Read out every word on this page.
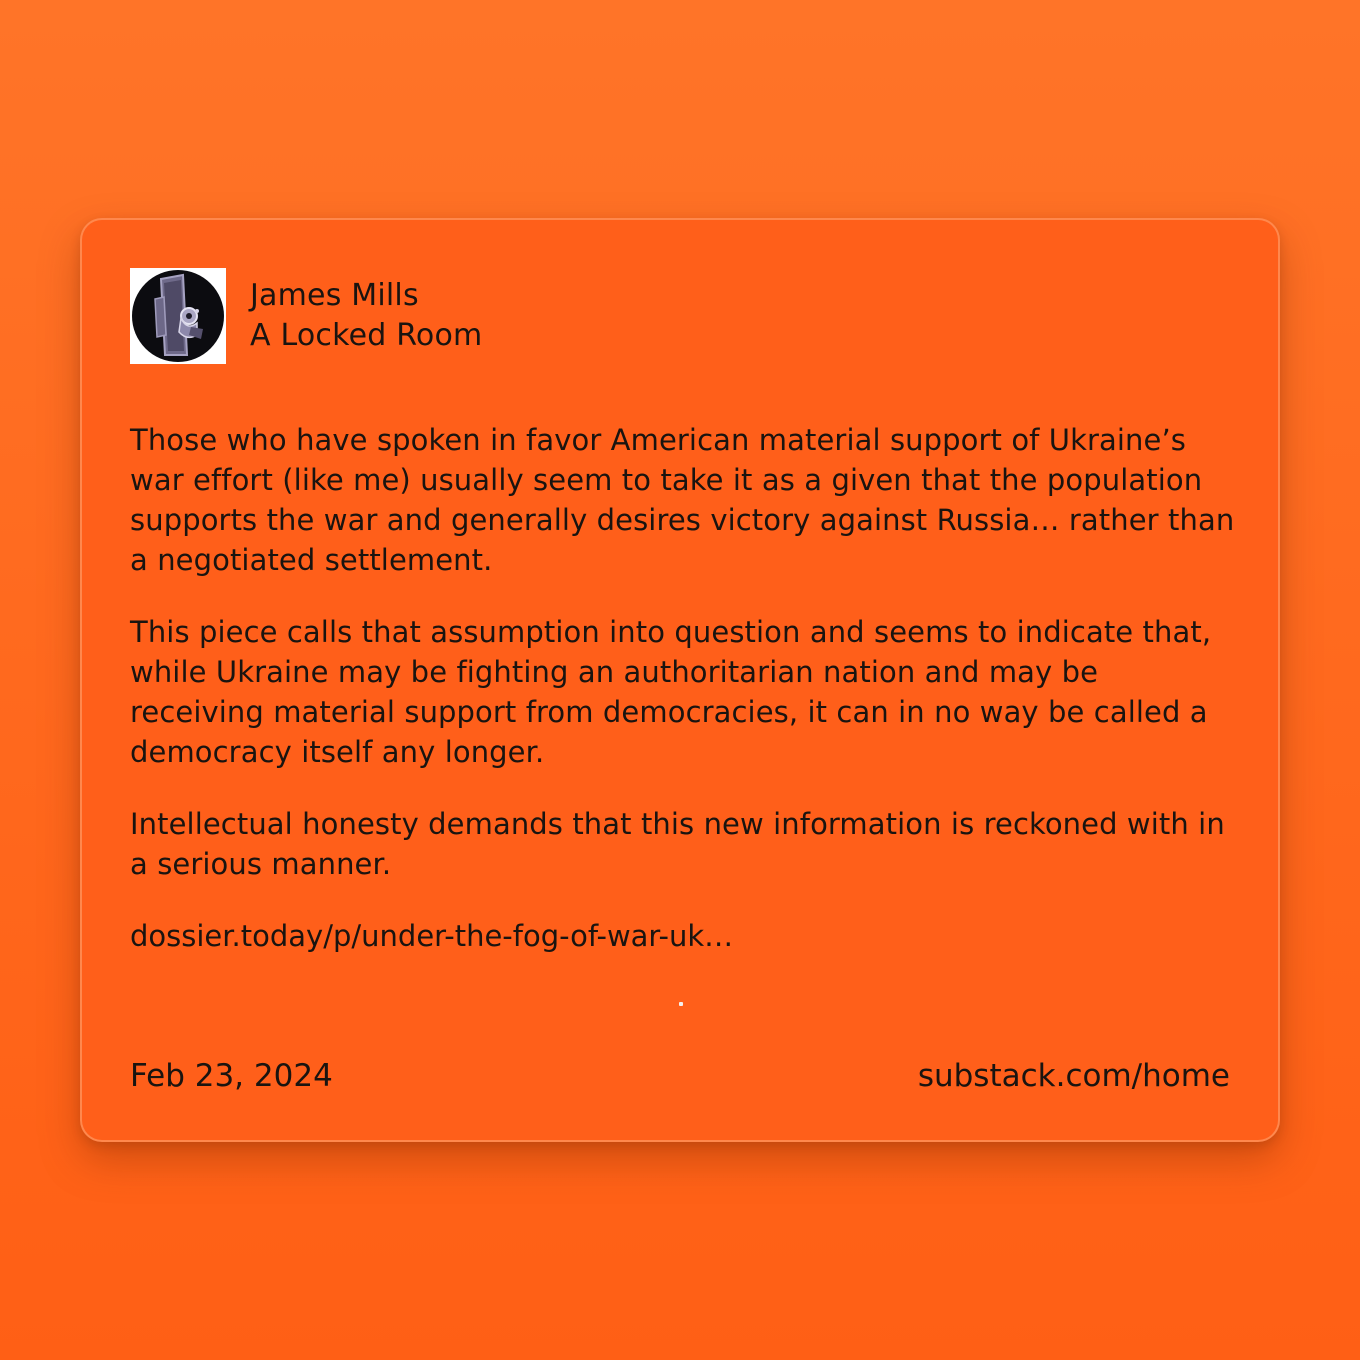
James Mills
A Locked Room

Those who have spoken in favor American material support of Ukraine’s war effort (like me) usually seem to take it as a given that the population supports the war and generally desires victory against Russia… rather than a negotiated settlement.

This piece calls that assumption into question and seems to indicate that, while Ukraine may be fighting an authoritarian nation and may be receiving material support from democracies, it can in no way be called a democracy itself any longer.

Intellectual honesty demands that this new information is reckoned with in a serious manner.

dossier.today/p/under-the-fog-of-war-uk…
Feb 23, 2024	substack.com/home
